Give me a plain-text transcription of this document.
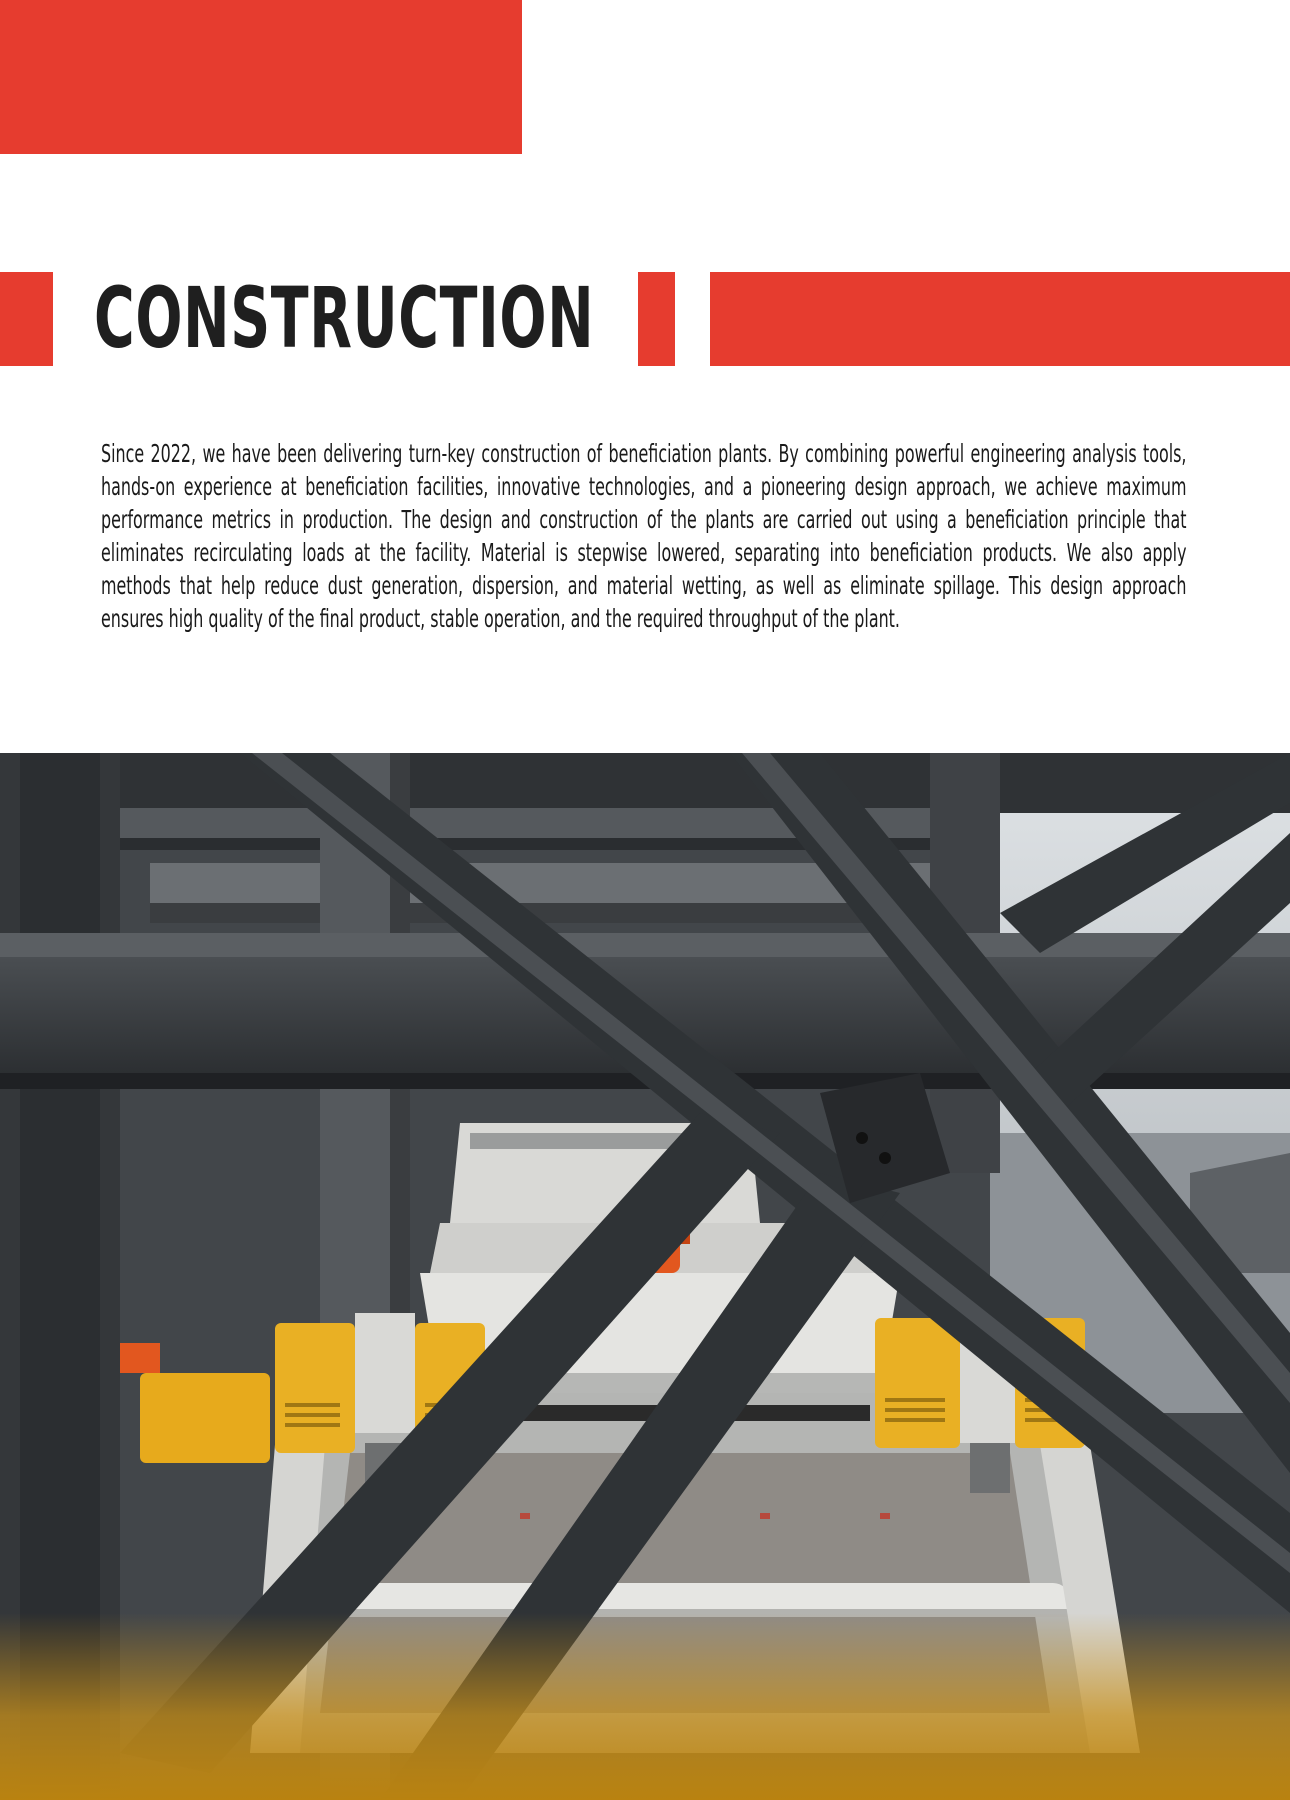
CONSTRUCTION

Since 2022, we have been delivering turn-key construction of beneficiation plants. By combining powerful engineering analysis tools, hands-on experience at beneficiation facilities, innovative technologies, and a pioneering design approach, we achieve maximum performance metrics in production. The design and construction of the plants are carried out using a beneficiation principle that eliminates recirculating loads at the facility. Material is stepwise lowered, separating into beneficiation products. We also apply methods that help reduce dust generation, dispersion, and material wetting, as well as eliminate spillage. This design approach ensures high quality of the final product, stable operation, and the required throughput of the plant.
